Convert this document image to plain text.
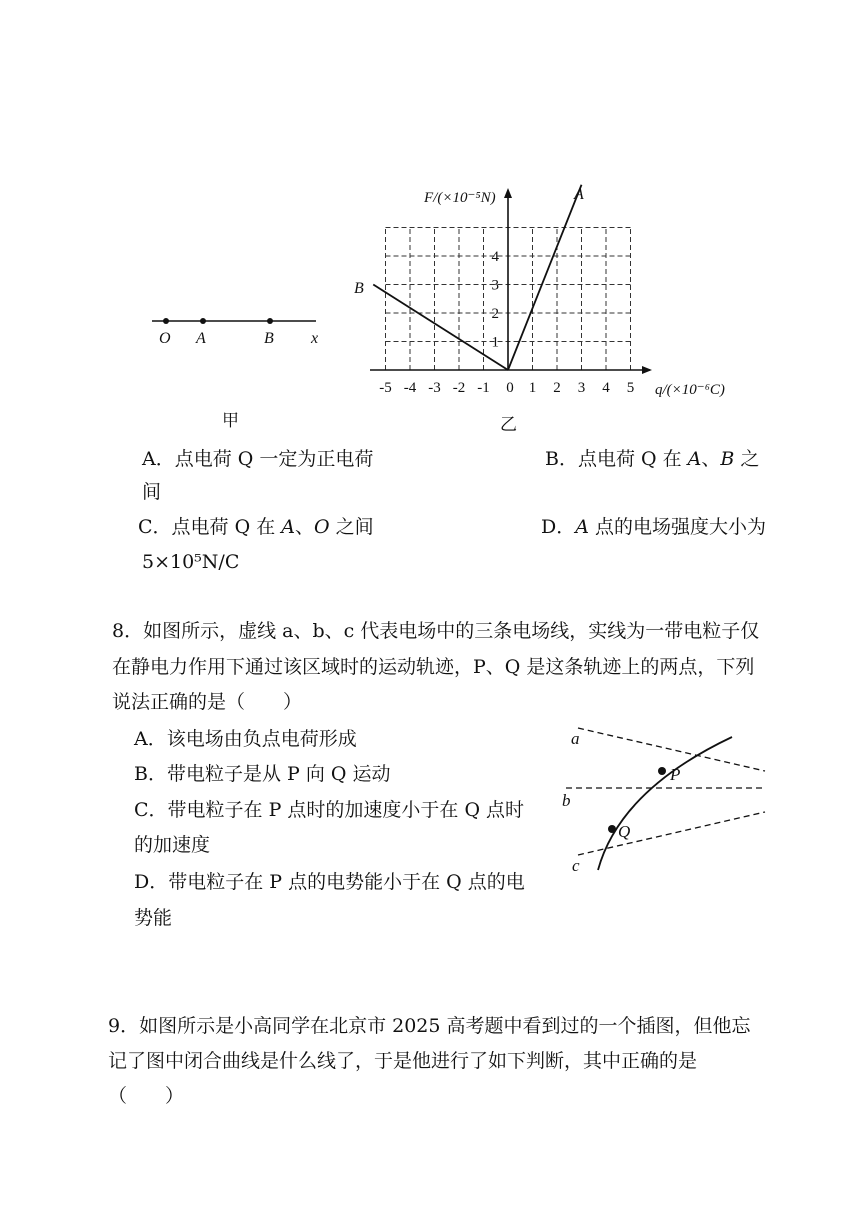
O A	B x
甲
-5 -4 -3 -2 -1 0 1 2 3 4 5
1
2
3
4
F/(×10⁻⁵N)
q/(×10⁻⁶C)
A
B
乙
A．点电荷 Q 一定为正电荷	B．点电荷 Q 在 A、B 之
间
C．点电荷 Q 在 A、O 之间	D．A 点的电场强度大小为
5×10⁵N/C
8．如图所示，虚线 a、b、c 代表电场中的三条电场线，实线为一带电粒子仅
在静电力作用下通过该区域时的运动轨迹，P、Q 是这条轨迹上的两点，下列
说法正确的是（　　）
A．该电场由负点电荷形成
B．带电粒子是从 P 向 Q 运动
C．带电粒子在 P 点时的加速度小于在 Q 点时
的加速度
D．带电粒子在 P 点的电势能小于在 Q 点的电
势能
a
b
c
P
Q
9．如图所示是小高同学在北京市 2025 高考题中看到过的一个插图，但他忘
记了图中闭合曲线是什么线了，于是他进行了如下判断，其中正确的是
（　　）
